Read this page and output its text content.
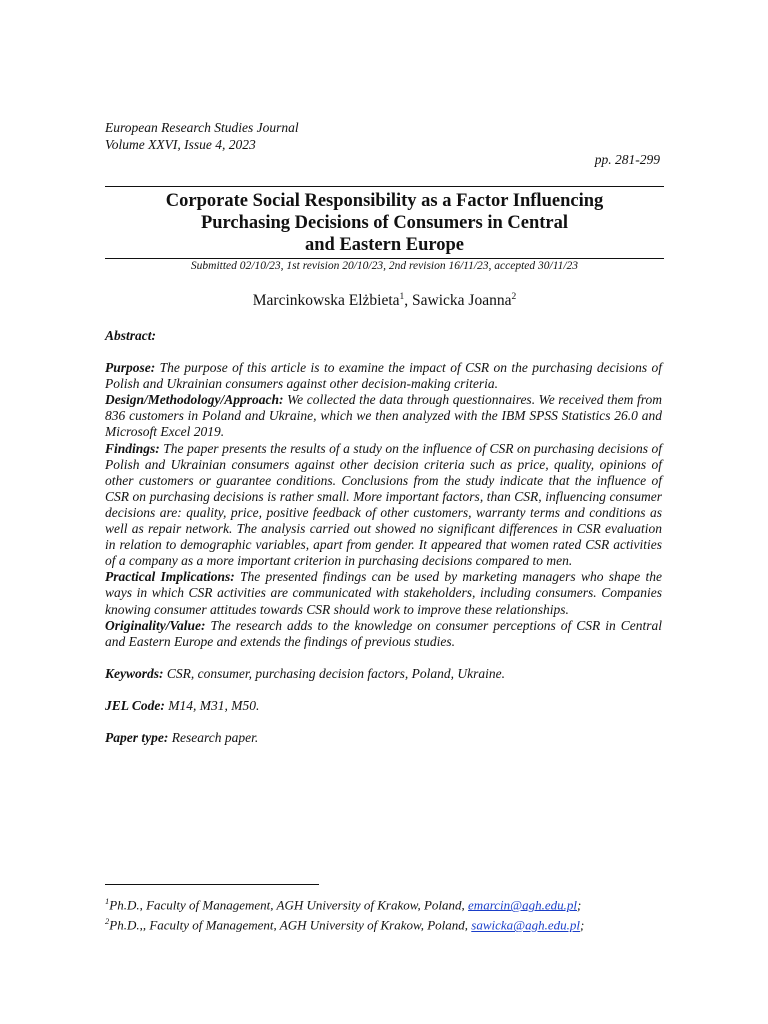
European Research Studies Journal
Volume XXVI, Issue 4, 2023
pp. 281-299
Corporate Social Responsibility as a Factor Influencing
Purchasing Decisions of Consumers in Central
and Eastern Europe
Submitted 02/10/23, 1st revision 20/10/23, 2nd revision 16/11/23, accepted 30/11/23
Marcinkowska Elżbieta$^1$, Sawicka Joanna$^2$

Abstract:

Purpose: The purpose of this article is to examine the impact of CSR on the purchasing decisions of Polish and Ukrainian consumers against other decision-making criteria.

Design/Methodology/Approach: We collected the data through questionnaires. We received them from 836 customers in Poland and Ukraine, which we then analyzed with the IBM SPSS Statistics 26.0 and Microsoft Excel 2019.

Findings: The paper presents the results of a study on the influence of CSR on purchasing decisions of Polish and Ukrainian consumers against other decision criteria such as price, quality, opinions of other customers or guarantee conditions. Conclusions from the study indicate that the influence of CSR on purchasing decisions is rather small. More important factors, than CSR, influencing consumer decisions are: quality, price, positive feedback of other customers, warranty terms and conditions as well as repair network. The analysis carried out showed no significant differences in CSR evaluation in relation to demographic variables, apart from gender. It appeared that women rated CSR activities of a company as a more important criterion in purchasing decisions compared to men.

Practical Implications: The presented findings can be used by marketing managers who shape the ways in which CSR activities are communicated with stakeholders, including consumers. Companies knowing consumer attitudes towards CSR should work to improve these relationships.

Originality/Value: The research adds to the knowledge on consumer perceptions of CSR in Central and Eastern Europe and extends the findings of previous studies.

Keywords: CSR, consumer, purchasing decision factors, Poland, Ukraine.

JEL Code: M14, M31, M50.

Paper type: Research paper.

$^1$Ph.D., Faculty of Management, AGH University of Krakow, Poland, emarcin@agh.edu.pl;
$^2$Ph.D.,, Faculty of Management, AGH University of Krakow, Poland, sawicka@agh.edu.pl;
